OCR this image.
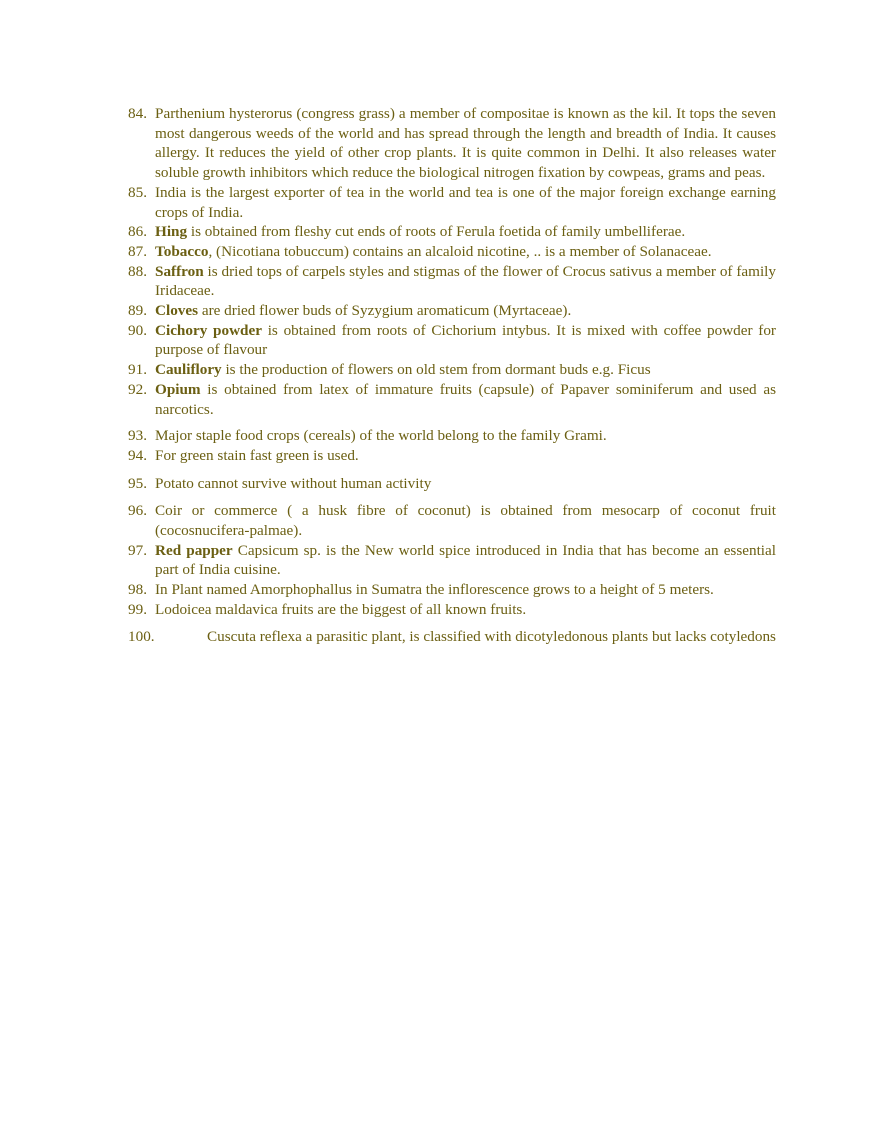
84. Parthenium hysterorus (congress grass) a member of compositae is known as the kil. It tops the seven most dangerous weeds of the world and has spread through the length and breadth of India. It causes allergy. It reduces the yield of other crop plants. It is quite common in Delhi. It also releases water soluble growth inhibitors which reduce the biological nitrogen fixation by cowpeas, grams and peas.
85. India is the largest exporter of tea in the world and tea is one of the major foreign exchange earning crops of India.
86. Hing is obtained from fleshy cut ends of roots of Ferula foetida of family umbelliferae.
87. Tobacco, (Nicotiana tobuccum) contains an alcaloid nicotine, .. is a member of Solanaceae.
88. Saffron is dried tops of carpels styles and stigmas of the flower of Crocus sativus a member of family Iridaceae.
89. Cloves are dried flower buds of Syzygium aromaticum (Myrtaceae).
90. Cichory powder is obtained from roots of Cichorium intybus. It is mixed with coffee powder for purpose of flavour
91. Cauliflory is the production of flowers on old stem from dormant buds e.g. Ficus
92. Opium is obtained from latex of immature fruits (capsule) of Papaver sominiferum and used as narcotics.
93. Major staple food crops (cereals) of the world belong to the family Grami.
94. For green stain fast green is used.
95. Potato cannot survive without human activity
96. Coir or commerce ( a husk fibre of coconut) is obtained from mesocarp of coconut fruit (cocosnucifera-palmae).
97. Red papper Capsicum sp. is the New world spice introduced in India that has become an essential part of India cuisine.
98. In Plant named Amorphophallus in Sumatra the inflorescence grows to a height of 5 meters.
99. Lodoicea maldavica fruits are the biggest of all known fruits.
100.	Cuscuta reflexa a parasitic plant, is classified with dicotyledonous plants but lacks cotyledons
